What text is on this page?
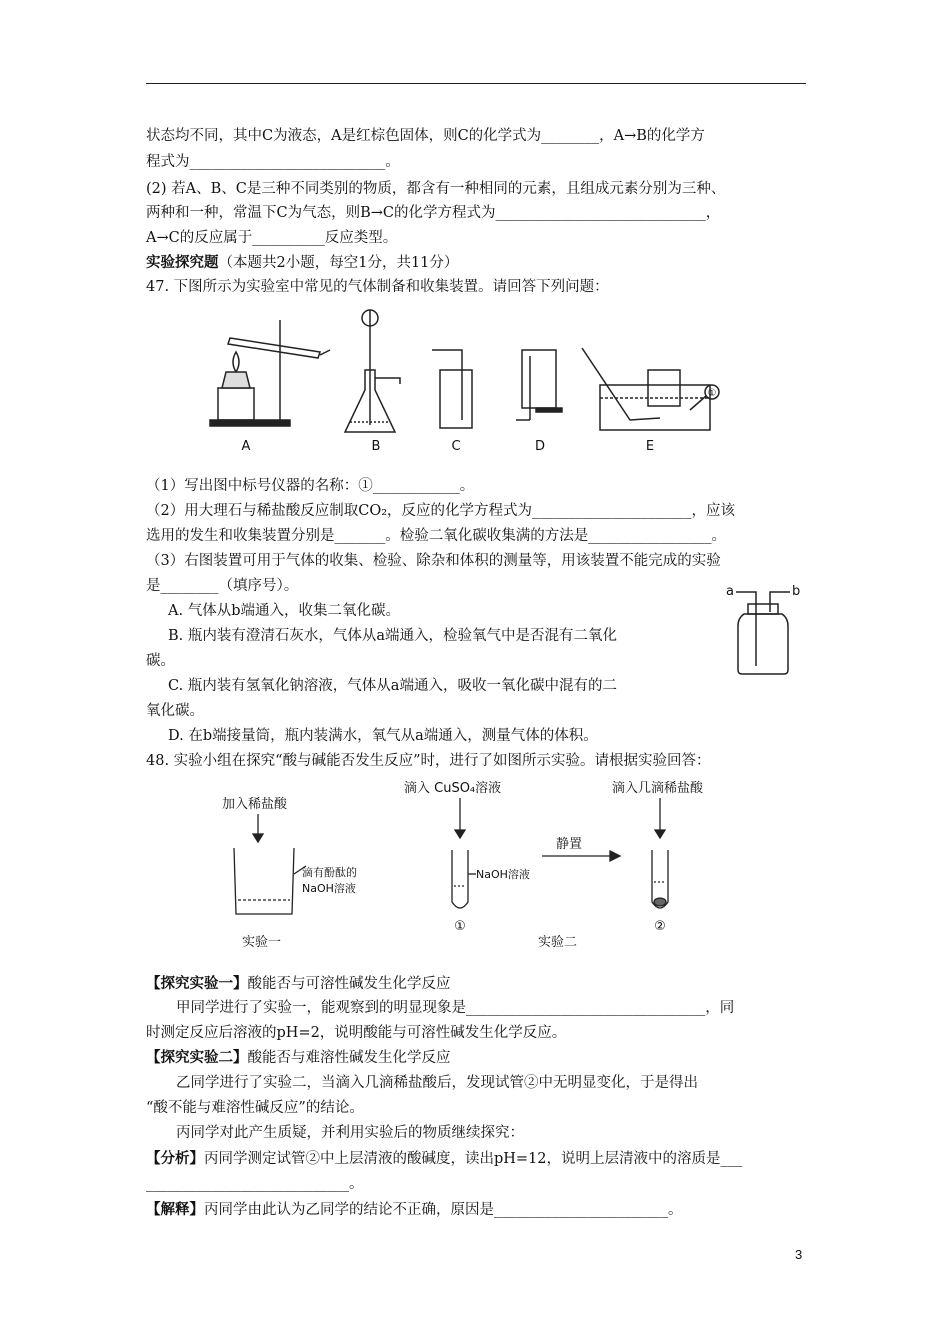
状态均不同，其中C为液态，A是红棕色固体，则C的化学式为________，A→B的化学方
程式为___________________________。
(2) 若A、B、C是三种不同类别的物质，都含有一种相同的元素，且组成元素分别为三种、
两种和一种，常温下C为气态，则B→C的化学方程式为_____________________________，
A→C的反应属于__________反应类型。
实验探究题（本题共2小题，每空1分，共11分）
47. 下图所示为实验室中常见的气体制备和收集装置。请回答下列问题：
A	B	C	D
①
E
（1）写出图中标号仪器的名称：①____________。
（2）用大理石与稀盐酸反应制取CO₂，反应的化学方程式为______________________，应该
选用的发生和收集装置分别是_______。检验二氧化碳收集满的方法是_________________。
（3）右图装置可用于气体的收集、检验、除杂和体积的测量等，用该装置不能完成的实验
是________（填序号）。
A. 气体从b端通入，收集二氧化碳。
B. 瓶内装有澄清石灰水，气体从a端通入，检验氧气中是否混有二氧化
碳。
C. 瓶内装有氢氧化钠溶液，气体从a端通入，吸收一氧化碳中混有的二
氧化碳。
D. 在b端接量筒，瓶内装满水，氧气从a端通入，测量气体的体积。
a	b
48. 实验小组在探究“酸与碱能否发生反应”时，进行了如图所示实验。请根据实验回答：
加入稀盐酸
滴有酚酞的
NaOH溶液
实验一
滴入 CuSO₄溶液
NaOH溶液
①
静置
滴入几滴稀盐酸
②
实验二
【探究实验一】酸能否与可溶性碱发生化学反应
甲同学进行了实验一，能观察到的明显现象是_________________________________，同
时测定反应后溶液的pH=2，说明酸能与可溶性碱发生化学反应。
【探究实验二】酸能否与难溶性碱发生化学反应
乙同学进行了实验二，当滴入几滴稀盐酸后，发现试管②中无明显变化，于是得出
“酸不能与难溶性碱反应”的结论。
丙同学对此产生质疑，并利用实验后的物质继续探究：
【分析】丙同学测定试管②中上层清液的酸碱度，读出pH=12，说明上层清液中的溶质是___
____________________________。
【解释】丙同学由此认为乙同学的结论不正确，原因是________________________。
3
